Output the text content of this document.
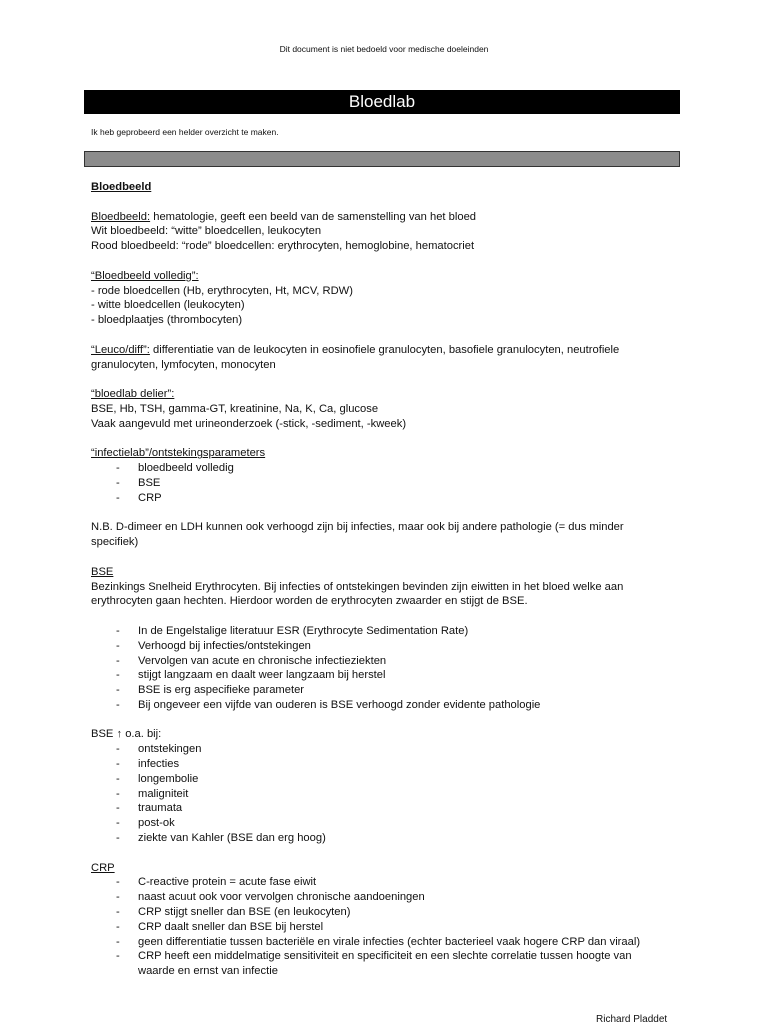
Dit document is niet bedoeld voor medische doeleinden
Bloedlab
Ik heb geprobeerd een helder overzicht te maken.

Bloedbeeld

Bloedbeeld: hematologie, geeft een beeld van de samenstelling van het bloed

Wit bloedbeeld: “witte” bloedcellen, leukocyten

Rood bloedbeeld: “rode” bloedcellen: erythrocyten, hemoglobine, hematocriet

“Bloedbeeld volledig”:

- rode bloedcellen (Hb, erythrocyten, Ht, MCV, RDW)

- witte bloedcellen (leukocyten)

- bloedplaatjes (thrombocyten)

“Leuco/diff”: differentiatie van de leukocyten in eosinofiele granulocyten, basofiele granulocyten, neutrofiele granulocyten, lymfocyten, monocyten

“bloedlab delier”:

BSE, Hb, TSH, gamma-GT, kreatinine, Na, K, Ca, glucose

Vaak aangevuld met urineonderzoek (-stick, -sediment, -kweek)

“infectielab”/ontstekingsparameters

- bloedbeeld volledig
- BSE
- CRP

N.B. D-dimeer en LDH kunnen ook verhoogd zijn bij infecties, maar ook bij andere pathologie (= dus minder specifiek)

BSE

Bezinkings Snelheid Erythrocyten. Bij infecties of ontstekingen bevinden zijn eiwitten in het bloed welke aan erythrocyten gaan hechten. Hierdoor worden de erythrocyten zwaarder en stijgt de BSE.

- In de Engelstalige literatuur ESR (Erythrocyte Sedimentation Rate)
- Verhoogd bij infecties/ontstekingen
- Vervolgen van acute en chronische infectieziekten
- stijgt langzaam en daalt weer langzaam bij herstel
- BSE is erg aspecifieke parameter
- Bij ongeveer een vijfde van ouderen is BSE verhoogd zonder evidente pathologie

BSE ↑ o.a. bij:

- ontstekingen
- infecties
- longembolie
- maligniteit
- traumata
- post-ok
- ziekte van Kahler (BSE dan erg hoog)

CRP

- C-reactive protein = acute fase eiwit
- naast acuut ook voor vervolgen chronische aandoeningen
- CRP stijgt sneller dan BSE (en leukocyten)
- CRP daalt sneller dan BSE bij herstel
- geen differentiatie tussen bacteriële en virale infecties (echter bacterieel vaak hogere CRP dan viraal)
- CRP heeft een middelmatige sensitiviteit en specificiteit en een slechte correlatie tussen hoogte van waarde en ernst van infectie
Richard Pladdet
